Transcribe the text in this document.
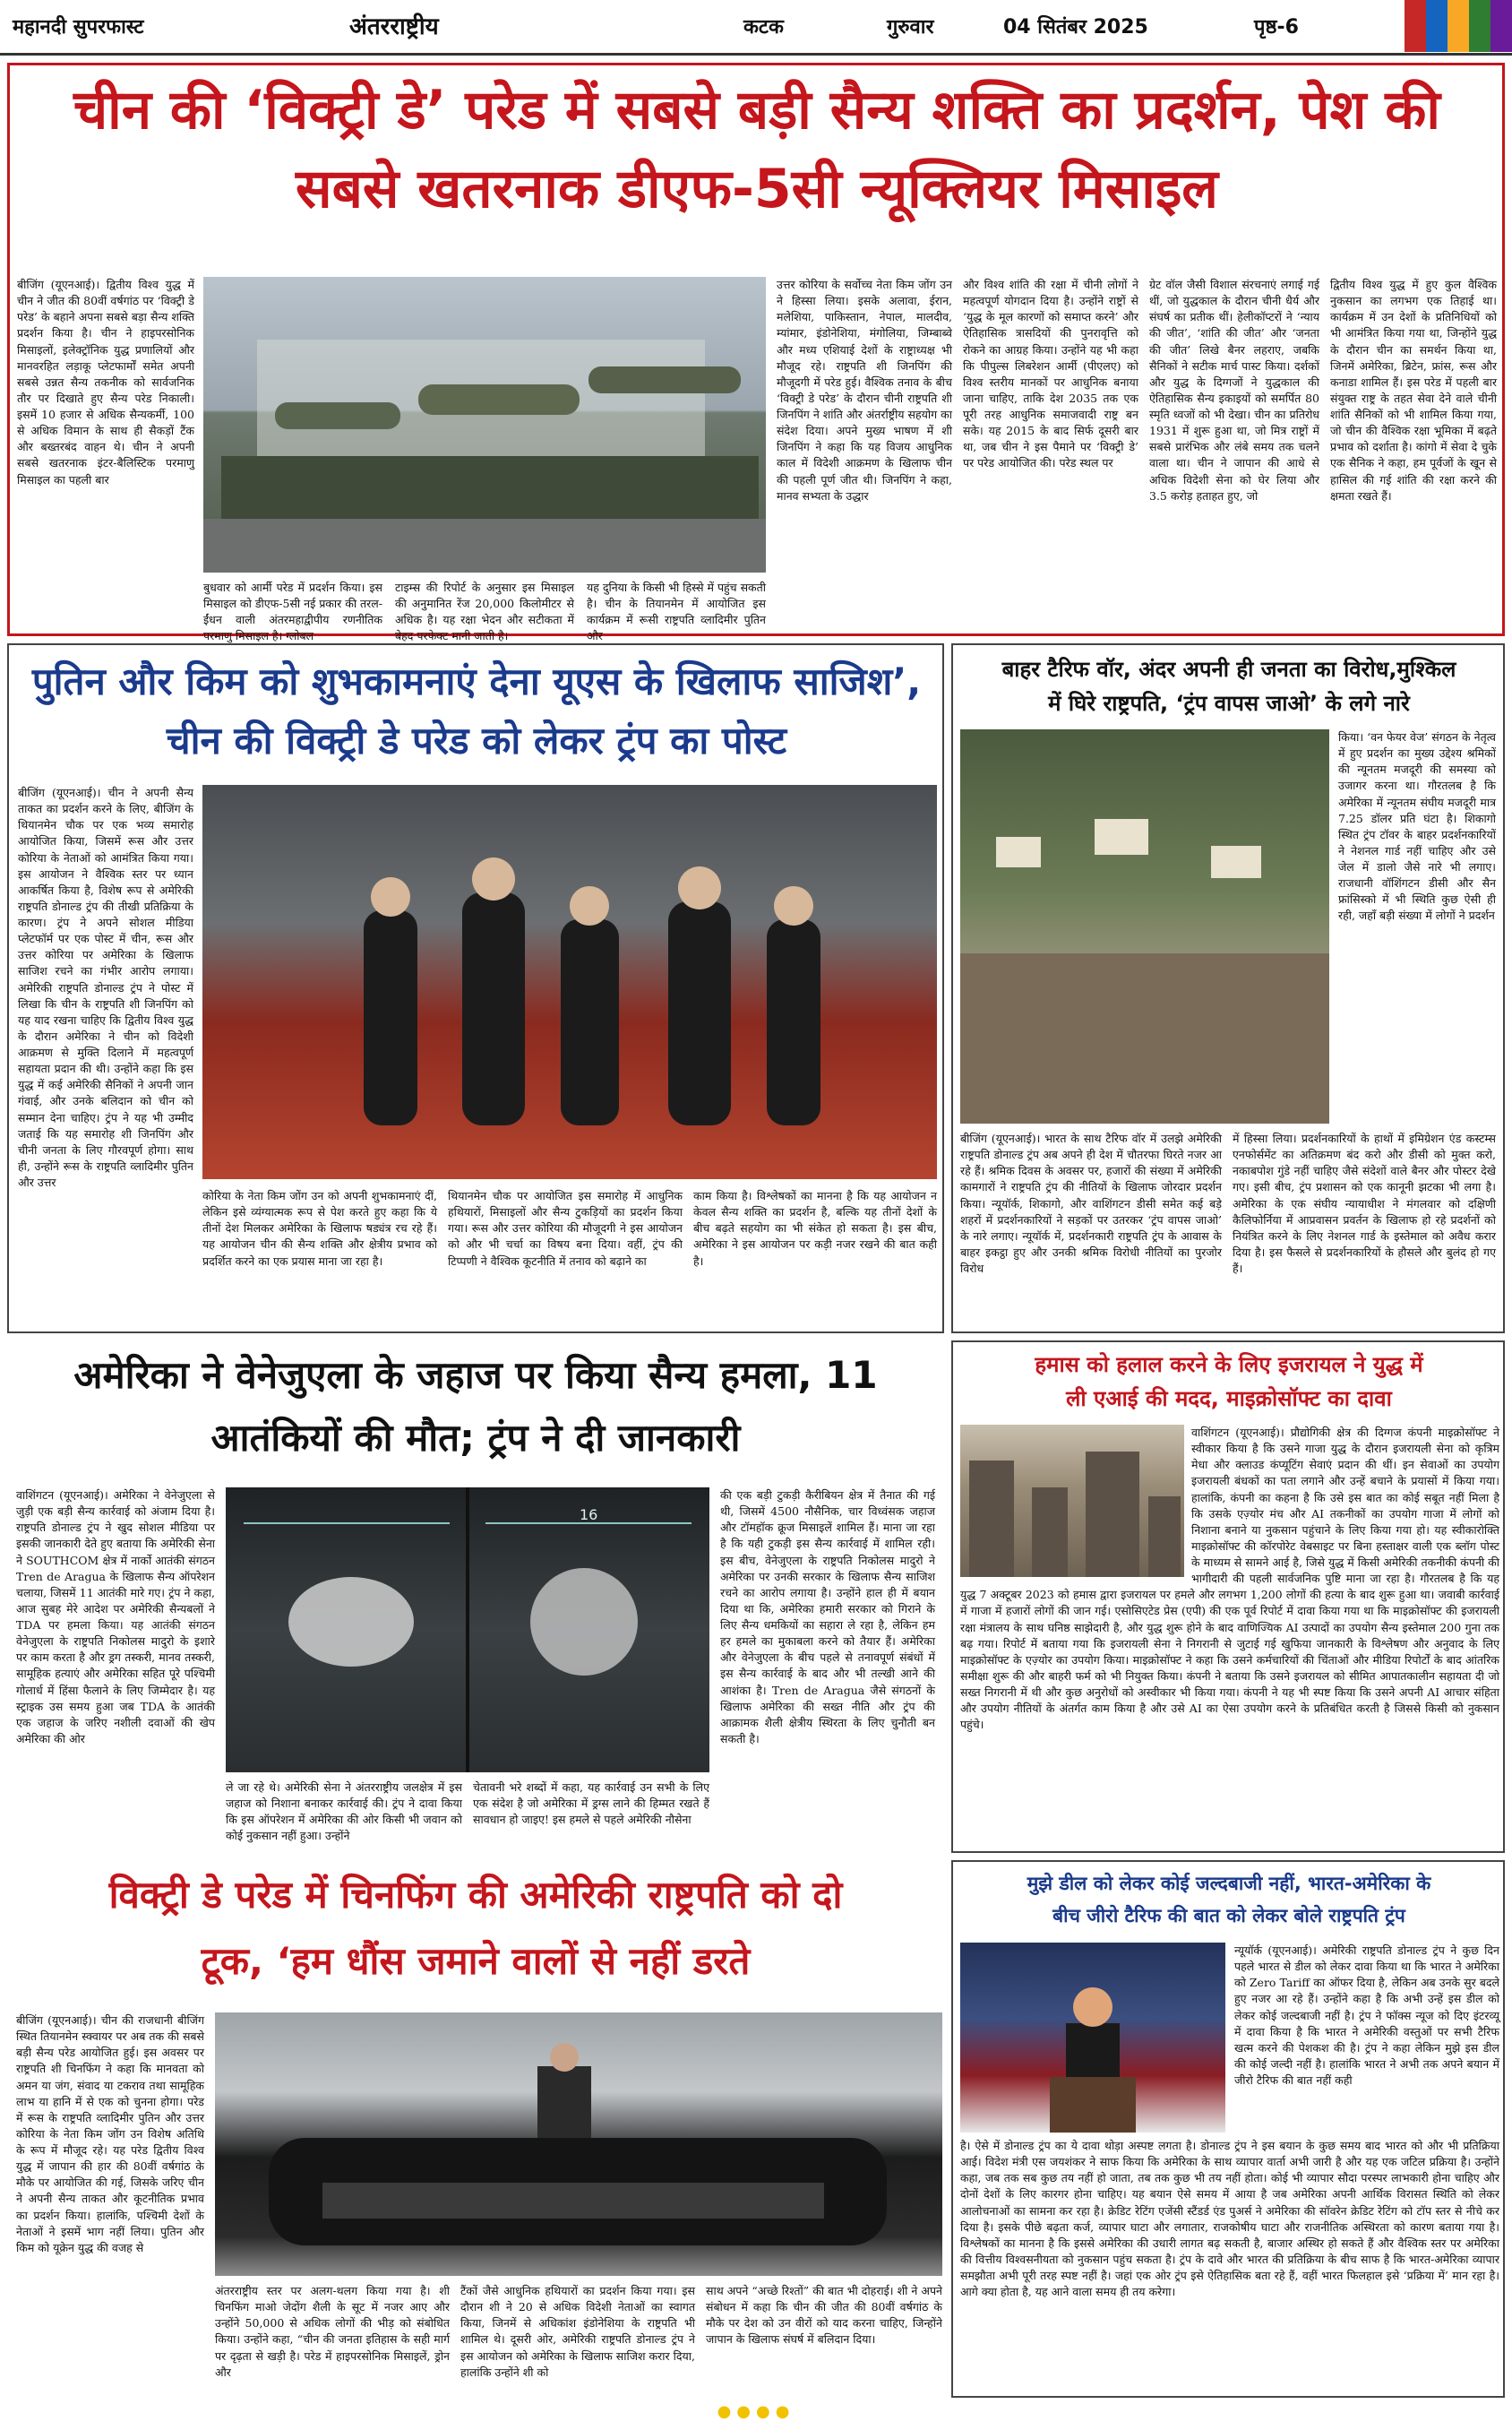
महानदी सुपरफास्ट	अंतरराष्ट्रीय	कटक	गुरुवार	04 सितंबर 2025	पृष्ठ-6
चीन की ‘विक्ट्री डे’ परेड में सबसे बड़ी सैन्य शक्ति का प्रदर्शन, पेश की
सबसे खतरनाक डीएफ-5सी न्यूक्लियर मिसाइल
बीजिंग (यूएनआई)। द्वितीय विश्व युद्ध में चीन ने जीत की 80वीं वर्षगांठ पर ‘विक्ट्री डे परेड’ के बहाने अपना सबसे बड़ा सैन्य शक्ति प्रदर्शन किया है। चीन ने हाइपरसोनिक मिसाइलों, इलेक्ट्रॉनिक युद्ध प्रणालियों और मानवरहित लड़ाकू प्लेटफार्मों समेत अपनी सबसे उन्नत सैन्य तकनीक को सार्वजनिक तौर पर दिखाते हुए सैन्य परेड निकाली। इसमें 10 हजार से अधिक सैन्यकर्मी, 100 से अधिक विमान के साथ ही सैकड़ों टैंक और बख्तरबंद वाहन थे। चीन ने अपनी सबसे खतरनाक इंटर-बैलिस्टिक परमाणु मिसाइल का पहली बार
बुधवार को आर्मी परेड में प्रदर्शन किया। इस मिसाइल को डीएफ-5सी नई प्रकार की तरल-ईंधन वाली अंतरमहाद्वीपीय रणनीतिक परमाणु मिसाइल है। ग्लोबल
टाइम्स की रिपोर्ट के अनुसार इस मिसाइल की अनुमानित रेंज 20,000 किलोमीटर से अधिक है। यह रक्षा भेदन और सटीकता में बेहद परफेक्ट मानी जाती है।
यह दुनिया के किसी भी हिस्से में पहुंच सकती है। चीन के तियानमेन में आयोजित इस कार्यक्रम में रूसी राष्ट्रपति व्लादिमीर पुतिन और
उत्तर कोरिया के सर्वोच्च नेता किम जोंग उन ने हिस्सा लिया। इसके अलावा, ईरान, मलेशिया, पाकिस्तान, नेपाल, मालदीव, म्यांमार, इंडोनेशिया, मंगोलिया, जिम्बाब्वे और मध्य एशियाई देशों के राष्ट्राध्यक्ष भी मौजूद रहे। राष्ट्रपति शी जिनपिंग की मौजूदगी में परेड हुई। वैश्विक तनाव के बीच ‘विक्ट्री डे परेड’ के दौरान चीनी राष्ट्रपति शी जिनपिंग ने शांति और अंतर्राष्ट्रीय सहयोग का संदेश दिया। अपने मुख्य भाषण में शी जिनपिंग ने कहा कि यह विजय आधुनिक काल में विदेशी आक्रमण के खिलाफ चीन की पहली पूर्ण जीत थी। जिनपिंग ने कहा, मानव सभ्यता के उद्धार
और विश्व शांति की रक्षा में चीनी लोगों ने महत्वपूर्ण योगदान दिया है। उन्होंने राष्ट्रों से ‘युद्ध के मूल कारणों को समाप्त करने’ और ऐतिहासिक त्रासदियों की पुनरावृत्ति को रोकने का आग्रह किया। उन्होंने यह भी कहा कि पीपुल्स लिबरेशन आर्मी (पीएलए) को विश्व स्तरीय मानकों पर आधुनिक बनाया जाना चाहिए, ताकि देश 2035 तक एक पूरी तरह आधुनिक समाजवादी राष्ट्र बन सके। यह 2015 के बाद सिर्फ दूसरी बार था, जब चीन ने इस पैमाने पर ‘विक्ट्री डे’ पर परेड आयोजित की। परेड स्थल पर
ग्रेट वॉल जैसी विशाल संरचनाएं लगाई गई थीं, जो युद्धकाल के दौरान चीनी धैर्य और संघर्ष का प्रतीक थीं। हेलीकॉप्टरों ने ‘न्याय की जीत’, ‘शांति की जीत’ और ‘जनता की जीत’ लिखे बैनर लहराए, जबकि सैनिकों ने सटीक मार्च पास्ट किया। दर्शकों और युद्ध के दिग्गजों ने युद्धकाल की ऐतिहासिक सैन्य इकाइयों को समर्पित 80 स्मृति ध्वजों को भी देखा। चीन का प्रतिरोध 1931 में शुरू हुआ था, जो मित्र राष्ट्रों में सबसे प्रारंभिक और लंबे समय तक चलने वाला था। चीन ने जापान की आधे से अधिक विदेशी सेना को घेर लिया और 3.5 करोड़ हताहत हुए, जो
द्वितीय विश्व युद्ध में हुए कुल वैश्विक नुकसान का लगभग एक तिहाई था। कार्यक्रम में उन देशों के प्रतिनिधियों को भी आमंत्रित किया गया था, जिन्होंने युद्ध के दौरान चीन का समर्थन किया था, जिनमें अमेरिका, ब्रिटेन, फ्रांस, रूस और कनाडा शामिल हैं। इस परेड में पहली बार संयुक्त राष्ट्र के तहत सेवा देने वाले चीनी शांति सैनिकों को भी शामिल किया गया, जो चीन की वैश्विक रक्षा भूमिका में बढ़ते प्रभाव को दर्शाता है। कांगो में सेवा दे चुके एक सैनिक ने कहा, हम पूर्वजों के खून से हासिल की गई शांति की रक्षा करने की क्षमता रखते हैं।
पुतिन और किम को शुभकामनाएं देना यूएस के खिलाफ साजिश’,
चीन की विक्ट्री डे परेड को लेकर ट्रंप का पोस्ट
बीजिंग (यूएनआई)। चीन ने अपनी सैन्य ताकत का प्रदर्शन करने के लिए, बीजिंग के थियानमेन चौक पर एक भव्य समारोह आयोजित किया, जिसमें रूस और उत्तर कोरिया के नेताओं को आमंत्रित किया गया। इस आयोजन ने वैश्विक स्तर पर ध्यान आकर्षित किया है, विशेष रूप से अमेरिकी राष्ट्रपति डोनाल्ड ट्रंप की तीखी प्रतिक्रिया के कारण। ट्रंप ने अपने सोशल मीडिया प्लेटफॉर्म पर एक पोस्ट में चीन, रूस और उत्तर कोरिया पर अमेरिका के खिलाफ साजिश रचने का गंभीर आरोप लगाया। अमेरिकी राष्ट्रपति डोनाल्ड ट्रंप ने पोस्ट में लिखा कि चीन के राष्ट्रपति शी जिनपिंग को यह याद रखना चाहिए कि द्वितीय विश्व युद्ध के दौरान अमेरिका ने चीन को विदेशी आक्रमण से मुक्ति दिलाने में महत्वपूर्ण सहायता प्रदान की थी। उन्होंने कहा कि इस युद्ध में कई अमेरिकी सैनिकों ने अपनी जान गंवाई, और उनके बलिदान को चीन को सम्मान देना चाहिए। ट्रंप ने यह भी उम्मीद जताई कि यह समारोह शी जिनपिंग और चीनी जनता के लिए गौरवपूर्ण होगा। साथ ही, उन्होंने रूस के राष्ट्रपति व्लादिमीर पुतिन और उत्तर
कोरिया के नेता किम जोंग उन को अपनी शुभकामनाएं दीं, लेकिन इसे व्यंग्यात्मक रूप से पेश करते हुए कहा कि ये तीनों देश मिलकर अमेरिका के खिलाफ षड्यंत्र रच रहे हैं। यह आयोजन चीन की सैन्य शक्ति और क्षेत्रीय प्रभाव को प्रदर्शित करने का एक प्रयास माना जा रहा है।
थियानमेन चौक पर आयोजित इस समारोह में आधुनिक हथियारों, मिसाइलों और सैन्य टुकड़ियों का प्रदर्शन किया गया। रूस और उत्तर कोरिया की मौजूदगी ने इस आयोजन को और भी चर्चा का विषय बना दिया। वहीं, ट्रंप की टिप्पणी ने वैश्विक कूटनीति में तनाव को बढ़ाने का
काम किया है। विश्लेषकों का मानना है कि यह आयोजन न केवल सैन्य शक्ति का प्रदर्शन है, बल्कि यह तीनों देशों के बीच बढ़ते सहयोग का भी संकेत हो सकता है। इस बीच, अमेरिका ने इस आयोजन पर कड़ी नजर रखने की बात कही है।
बाहर टैरिफ वॉर, अंदर अपनी ही जनता का विरोध,मुश्किल
में घिरे राष्ट्रपति, ‘ट्रंप वापस जाओ’ के लगे नारे
किया। ‘वन फेयर वेज’ संगठन के नेतृत्व में हुए प्रदर्शन का मुख्य उद्देश्य श्रमिकों की न्यूनतम मजदूरी की समस्या को उजागर करना था। गौरतलब है कि अमेरिका में न्यूनतम संघीय मजदूरी मात्र 7.25 डॉलर प्रति घंटा है। शिकागो स्थित ट्रंप टॉवर के बाहर प्रदर्शनकारियों ने नेशनल गार्ड नहीं चाहिए और उसे जेल में डालो जैसे नारे भी लगाए। राजधानी वॉशिंगटन डीसी और सैन फ्रांसिस्को में भी स्थिति कुछ ऐसी ही रही, जहाँ बड़ी संख्या में लोगों ने प्रदर्शन
बीजिंग (यूएनआई)। भारत के साथ टैरिफ वॉर में उलझे अमेरिकी राष्ट्रपति डोनाल्ड ट्रंप अब अपने ही देश में चौतरफा घिरते नजर आ रहे हैं। श्रमिक दिवस के अवसर पर, हजारों की संख्या में अमेरिकी कामगारों ने राष्ट्रपति ट्रंप की नीतियों के खिलाफ जोरदार प्रदर्शन किया। न्यूयॉर्क, शिकागो, और वाशिंगटन डीसी समेत कई बड़े शहरों में प्रदर्शनकारियों ने सड़कों पर उतरकर ‘ट्रंप वापस जाओ’ के नारे लगाए। न्यूयॉर्क में, प्रदर्शनकारी राष्ट्रपति ट्रंप के आवास के बाहर इकट्ठा हुए और उनकी श्रमिक विरोधी नीतियों का पुरजोर विरोध
में हिस्सा लिया। प्रदर्शनकारियों के हाथों में इमिग्रेशन एंड कस्टम्स एनफोर्समेंट का अतिक्रमण बंद करो और डीसी को मुक्त करो, नकाबपोश गुंडे नहीं चाहिए जैसे संदेशों वाले बैनर और पोस्टर देखे गए। इसी बीच, ट्रंप प्रशासन को एक कानूनी झटका भी लगा है। अमेरिका के एक संघीय न्यायाधीश ने मंगलवार को दक्षिणी कैलिफोर्निया में आप्रवासन प्रवर्तन के खिलाफ हो रहे प्रदर्शनों को नियंत्रित करने के लिए नेशनल गार्ड के इस्तेमाल को अवैध करार दिया है। इस फैसले से प्रदर्शनकारियों के हौसले और बुलंद हो गए हैं।
अमेरिका ने वेनेजुएला के जहाज पर किया सैन्य हमला, 11
आतंकियों की मौत; ट्रंप ने दी जानकारी
वाशिंगटन (यूएनआई)। अमेरिका ने वेनेजुएला से जुड़ी एक बड़ी सैन्य कार्रवाई को अंजाम दिया है। राष्ट्रपति डोनाल्ड ट्रंप ने खुद सोशल मीडिया पर इसकी जानकारी देते हुए बताया कि अमेरिकी सेना ने SOUTHCOM क्षेत्र में नार्को आतंकी संगठन Tren de Aragua के खिलाफ सैन्य ऑपरेशन चलाया, जिसमें 11 आतंकी मारे गए। ट्रंप ने कहा, आज सुबह मेरे आदेश पर अमेरिकी सैन्यबलों ने TDA पर हमला किया। यह आतंकी संगठन वेनेजुएला के राष्ट्रपति निकोलस मादुरो के इशारे पर काम करता है और ड्रग तस्करी, मानव तस्करी, सामूहिक हत्याएं और अमेरिका सहित पूरे पश्चिमी गोलार्ध में हिंसा फैलाने के लिए जिम्मेदार है। यह स्ट्राइक उस समय हुआ जब TDA के आतंकी एक जहाज के जरिए नशीली दवाओं की खेप अमेरिका की ओर
16
ले जा रहे थे। अमेरिकी सेना ने अंतरराष्ट्रीय जलक्षेत्र में इस जहाज को निशाना बनाकर कार्रवाई की। ट्रंप ने दावा किया कि इस ऑपरेशन में अमेरिका की ओर किसी भी जवान को कोई नुकसान नहीं हुआ। उन्होंने
चेतावनी भरे शब्दों में कहा, यह कार्रवाई उन सभी के लिए एक संदेश है जो अमेरिका में ड्रग्स लाने की हिम्मत रखते हैं सावधान हो जाइए! इस हमले से पहले अमेरिकी नौसेना
की एक बड़ी टुकड़ी कैरीबियन क्षेत्र में तैनात की गई थी, जिसमें 4500 नौसैनिक, चार विध्वंसक जहाज और टॉमहॉक क्रूज मिसाइलें शामिल हैं। माना जा रहा है कि यही टुकड़ी इस सैन्य कार्रवाई में शामिल रही। इस बीच, वेनेजुएला के राष्ट्रपति निकोलस मादुरो ने अमेरिका पर उनकी सरकार के खिलाफ सैन्य साजिश रचने का आरोप लगाया है। उन्होंने हाल ही में बयान दिया था कि, अमेरिका हमारी सरकार को गिराने के लिए सैन्य धमकियों का सहारा ले रहा है, लेकिन हम हर हमले का मुकाबला करने को तैयार हैं। अमेरिका और वेनेजुएला के बीच पहले से तनावपूर्ण संबंधों में इस सैन्य कार्रवाई के बाद और भी तल्खी आने की आशंका है। Tren de Aragua जैसे संगठनों के खिलाफ अमेरिका की सख्त नीति और ट्रंप की आक्रामक शैली क्षेत्रीय स्थिरता के लिए चुनौती बन सकती है।
हमास को हलाल करने के लिए इजरायल ने युद्ध में
ली एआई की मदद, माइक्रोसॉफ्ट का दावा
वाशिंगटन (यूएनआई)। प्रौद्योगिकी क्षेत्र की दिग्गज कंपनी माइक्रोसॉफ्ट ने स्वीकार किया है कि उसने गाजा युद्ध के दौरान इजरायली सेना को कृत्रिम मेधा और क्लाउड कंप्यूटिंग सेवाएं प्रदान की थीं। इन सेवाओं का उपयोग इजरायली बंधकों का पता लगाने और उन्हें बचाने के प्रयासों में किया गया। हालांकि, कंपनी का कहना है कि उसे इस बात का कोई सबूत नहीं मिला है कि उसके एज़्योर मंच और AI तकनीकों का उपयोग गाजा में लोगों को निशाना बनाने या नुकसान पहुंचाने के लिए किया गया हो। यह स्वीकारोक्ति माइक्रोसॉफ्ट की कॉरपोरेट वेबसाइट पर बिना हस्ताक्षर वाली एक ब्लॉग पोस्ट के माध्यम से सामने आई है, जिसे युद्ध में किसी अमेरिकी तकनीकी कंपनी की भागीदारी की पहली सार्वजनिक पुष्टि माना जा रहा है। गौरतलब है कि यह युद्ध 7 अक्टूबर 2023 को हमास द्वारा इजरायल पर हमले और लगभग 1,200 लोगों की हत्या के बाद शुरू हुआ था। जवाबी कार्रवाई में गाजा में हजारों लोगों की जान गई। एसोसिएटेड प्रेस (एपी) की एक पूर्व रिपोर्ट में दावा किया गया था कि माइक्रोसॉफ्ट की इजरायली रक्षा मंत्रालय के साथ घनिष्ठ साझेदारी है, और युद्ध शुरू होने के बाद वाणिज्यिक AI उत्पादों का उपयोग सैन्य इस्तेमाल 200 गुना तक बढ़ गया। रिपोर्ट में बताया गया कि इजरायली सेना ने निगरानी से जुटाई गई खुफिया जानकारी के विश्लेषण और अनुवाद के लिए माइक्रोसॉफ्ट के एज़्योर का उपयोग किया। माइक्रोसॉफ्ट ने कहा कि उसने कर्मचारियों की चिंताओं और मीडिया रिपोर्टों के बाद आंतरिक समीक्षा शुरू की और बाहरी फर्म को भी नियुक्त किया। कंपनी ने बताया कि उसने इजरायल को सीमित आपातकालीन सहायता दी जो सख्त निगरानी में थी और कुछ अनुरोधों को अस्वीकार भी किया गया। कंपनी ने यह भी स्पष्ट किया कि उसने अपनी AI आचार संहिता और उपयोग नीतियों के अंतर्गत काम किया है और उसे AI का ऐसा उपयोग करने के प्रतिबंधित करती है जिससे किसी को नुकसान पहुंचे।
विक्ट्री डे परेड में चिनफिंग की अमेरिकी राष्ट्रपति को दो
टूक, ‘हम धौंस जमाने वालों से नहीं डरते
बीजिंग (यूएनआई)। चीन की राजधानी बीजिंग स्थित तियानमेन स्क्वायर पर अब तक की सबसे बड़ी सैन्य परेड आयोजित हुई। इस अवसर पर राष्ट्रपति शी चिनफिंग ने कहा कि मानवता को अमन या जंग, संवाद या टकराव तथा सामूहिक लाभ या हानि में से एक को चुनना होगा। परेड में रूस के राष्ट्रपति व्लादिमीर पुतिन और उत्तर कोरिया के नेता किम जोंग उन विशेष अतिथि के रूप में मौजूद रहे। यह परेड द्वितीय विश्व युद्ध में जापान की हार की 80वीं वर्षगांठ के मौके पर आयोजित की गई, जिसके जरिए चीन ने अपनी सैन्य ताकत और कूटनीतिक प्रभाव का प्रदर्शन किया। हालांकि, पश्चिमी देशों के नेताओं ने इसमें भाग नहीं लिया। पुतिन और किम को यूक्रेन युद्ध की वजह से
अंतरराष्ट्रीय स्तर पर अलग-थलग किया गया है। शी चिनफिंग माओ जेदोंग शैली के सूट में नजर आए और उन्होंने 50,000 से अधिक लोगों की भीड़ को संबोधित किया। उन्होंने कहा, “चीन की जनता इतिहास के सही मार्ग पर दृढ़ता से खड़ी है। परेड में हाइपरसोनिक मिसाइलें, ड्रोन और
टैंकों जैसे आधुनिक हथियारों का प्रदर्शन किया गया। इस दौरान शी ने 20 से अधिक विदेशी नेताओं का स्वागत किया, जिनमें से अधिकांश इंडोनेशिया के राष्ट्रपति भी शामिल थे। दूसरी ओर, अमेरिकी राष्ट्रपति डोनाल्ड ट्रंप ने इस आयोजन को अमेरिका के खिलाफ साजिश करार दिया, हालांकि उन्होंने शी को
साथ अपने “अच्छे रिश्तों” की बात भी दोहराई। शी ने अपने संबोधन में कहा कि चीन की जीत की 80वीं वर्षगांठ के मौके पर देश को उन वीरों को याद करना चाहिए, जिन्होंने जापान के खिलाफ संघर्ष में बलिदान दिया।
मुझे डील को लेकर कोई जल्दबाजी नहीं, भारत-अमेरिका के
बीच जीरो टैरिफ की बात को लेकर बोले राष्ट्रपति ट्रंप
न्यूयॉर्क (यूएनआई)। अमेरिकी राष्ट्रपति डोनाल्ड ट्रंप ने कुछ दिन पहले भारत से डील को लेकर दावा किया था कि भारत ने अमेरिका को Zero Tariff का ऑफर दिया है, लेकिन अब उनके सुर बदले हुए नजर आ रहे हैं। उन्होंने कहा है कि अभी उन्हें इस डील को लेकर कोई जल्दबाजी नहीं है। ट्रंप ने फॉक्स न्यूज को दिए इंटरव्यू में दावा किया है कि भारत ने अमेरिकी वस्तुओं पर सभी टैरिफ खत्म करने की पेशकश की है। ट्रंप ने कहा लेकिन मुझे इस डील की कोई जल्दी नहीं है। हालांकि भारत ने अभी तक अपने बयान में जीरो टैरिफ की बात नहीं कही
है। ऐसे में डोनाल्ड ट्रंप का ये दावा थोड़ा अस्पष्ट लगता है। डोनाल्ड ट्रंप ने इस बयान के कुछ समय बाद भारत को और भी प्रतिक्रिया आई। विदेश मंत्री एस जयशंकर ने साफ किया कि अमेरिका के साथ व्यापार वार्ता अभी जारी है और यह एक जटिल प्रक्रिया है। उन्होंने कहा, जब तक सब कुछ तय नहीं हो जाता, तब तक कुछ भी तय नहीं होता। कोई भी व्यापार सौदा परस्पर लाभकारी होना चाहिए और दोनों देशों के लिए कारगर होना चाहिए। यह बयान ऐसे समय में आया है जब अमेरिका अपनी आर्थिक विरासत स्थिति को लेकर आलोचनाओं का सामना कर रहा है। क्रेडिट रेटिंग एजेंसी स्टैंडर्ड एंड पुअर्स ने अमेरिका की सॉवरेन क्रेडिट रेटिंग को टॉप स्तर से नीचे कर दिया है। इसके पीछे बढ़ता कर्ज, व्यापार घाटा और लगातार, राजकोषीय घाटा और राजनीतिक अस्थिरता को कारण बताया गया है। विश्लेषकों का मानना है कि इससे अमेरिका की उधारी लागत बढ़ सकती है, बाजार अस्थिर हो सकते हैं और वैश्विक स्तर पर अमेरिका की वित्तीय विश्वसनीयता को नुकसान पहुंच सकता है। ट्रंप के दावे और भारत की प्रतिक्रिया के बीच साफ है कि भारत-अमेरिका व्यापार समझौता अभी पूरी तरह स्पष्ट नहीं है। जहां एक ओर ट्रंप इसे ऐतिहासिक बता रहे हैं, वहीं भारत फिलहाल इसे ‘प्रक्रिया में’ मान रहा है। आगे क्या होता है, यह आने वाला समय ही तय करेगा।
●●●●
